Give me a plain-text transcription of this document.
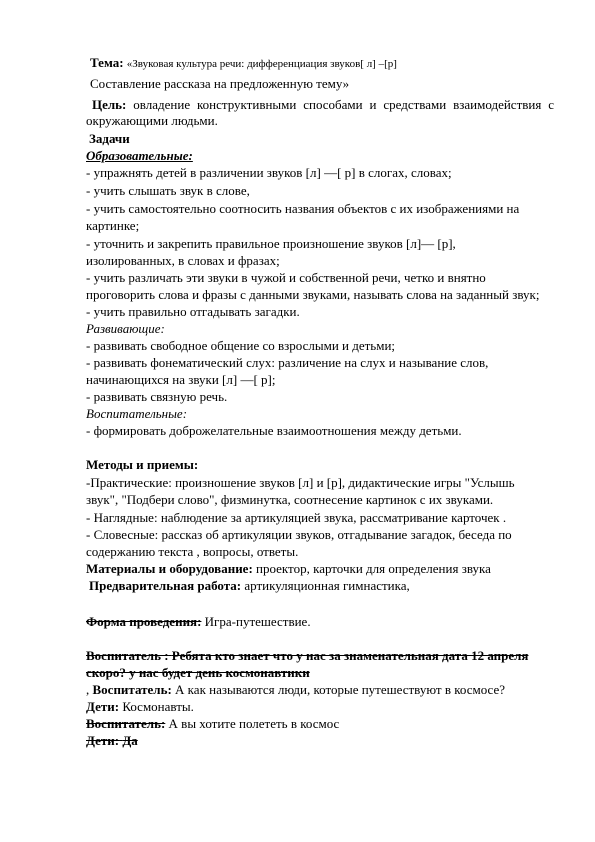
Тема: «Звуковая культура речи: дифференциация звуков[ л] –[р]
Составление рассказа на предложенную тему»
Цель: овладение конструктивными способами и средствами взаимодействия с
окружающими людьми.
Задачи
Образовательные:
- упражнять детей в различении звуков [л] —[ р] в слогах, словах;
- учить слышать звук в слове,
- учить самостоятельно соотносить названия объектов с их изображениями на
картинке;
- уточнить и закрепить правильное произношение звуков [л]— [р],
изолированных, в словах и фразах;
- учить различать эти звуки в чужой и собственной речи, четко и внятно
проговорить слова и фразы с данными звуками, называть слова на заданный звук;
- учить правильно отгадывать загадки.
Развивающие:
- развивать свободное общение со взрослыми и детьми;
- развивать фонематический слух: различение на слух и называние слов,
начинающихся на звуки [л] —[ р];
- развивать связную речь.
Воспитательные:
- формировать доброжелательные взаимоотношения между детьми.
Методы и приемы:
-Практические: произношение звуков [л] и [р], дидактические игры "Услышь
звук", "Подбери слово", физминутка, соотнесение картинок с их звуками.
- Наглядные: наблюдение за артикуляцией звука, рассматривание карточек .
- Словесные: рассказ об артикуляции звуков, отгадывание загадок, беседа по
содержанию текста , вопросы, ответы.
Материалы и оборудование: проектор, карточки для определения звука
Предварительная работа: артикуляционная гимнастика,
Форма проведения: Игра-путешествие.
Воспитатель : Ребята кто знает что у нас за знаменательная дата 12 апреля
скоро? у нас будет день космонавтики
, Воспитатель: А как называются люди, которые путешествуют в космосе?
Дети: Космонавты.
Воспитатель: А вы хотите полететь в космос
Дети: Да
